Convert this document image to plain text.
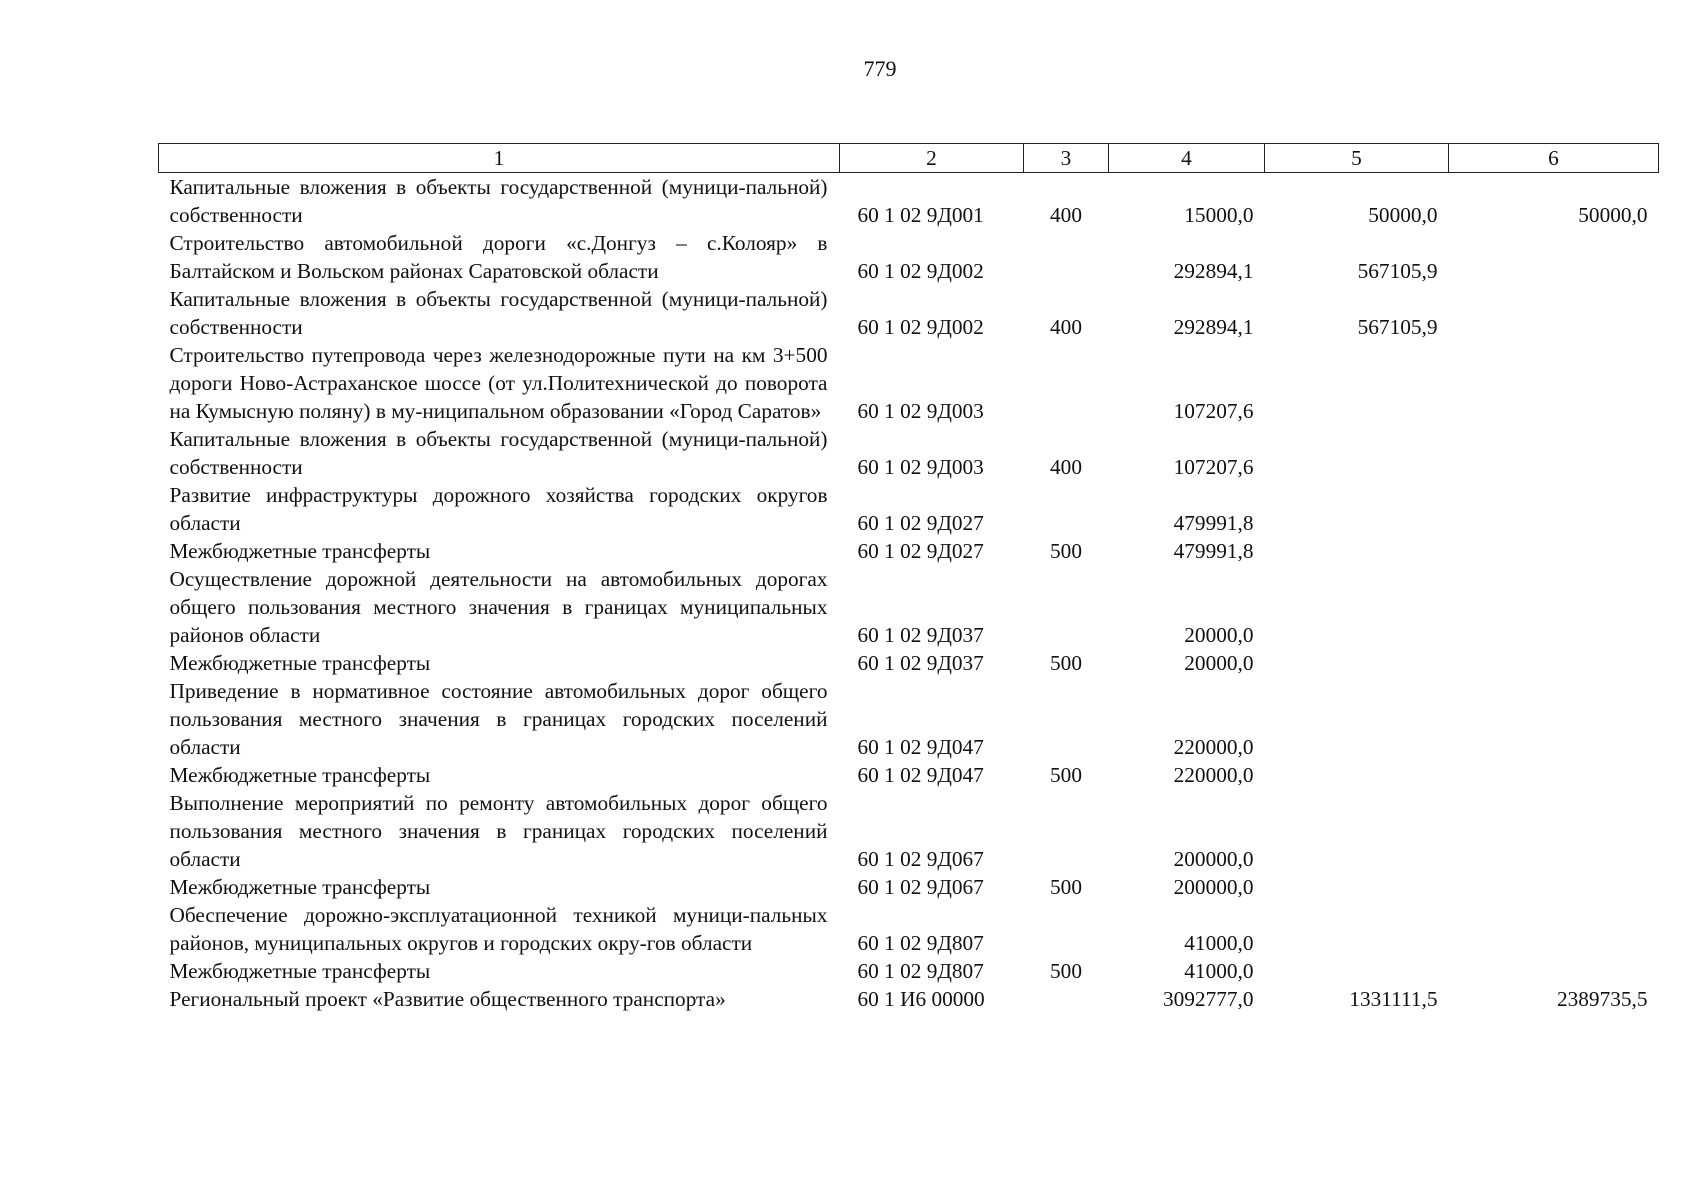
779
1	2	3	4	5	6
Капитальные вложения в объекты государственной (муници-пальной) собственности	60 1 02 9Д001	400	15000,0	50000,0	50000,0
Строительство автомобильной дороги «с.Донгуз – с.Колояр» в Балтайском и Вольском районах Саратовской области	60 1 02 9Д002		292894,1	567105,9	
Капитальные вложения в объекты государственной (муници-пальной) собственности	60 1 02 9Д002	400	292894,1	567105,9	
Строительство путепровода через железнодорожные пути на км 3+500 дороги Ново-Астраханское шоссе (от ул.Политехнической до поворота на Кумысную поляну) в му-ниципальном образовании «Город Саратов»	60 1 02 9Д003		107207,6		
Капитальные вложения в объекты государственной (муници-пальной) собственности	60 1 02 9Д003	400	107207,6		
Развитие инфраструктуры дорожного хозяйства городских округов области	60 1 02 9Д027		479991,8		
Межбюджетные трансферты	60 1 02 9Д027	500	479991,8		
Осуществление дорожной деятельности на автомобильных дорогах общего пользования местного значения в границах муниципальных районов области	60 1 02 9Д037		20000,0		
Межбюджетные трансферты	60 1 02 9Д037	500	20000,0		
Приведение в нормативное состояние автомобильных дорог общего пользования местного значения в границах городских поселений области	60 1 02 9Д047		220000,0		
Межбюджетные трансферты	60 1 02 9Д047	500	220000,0		
Выполнение мероприятий по ремонту автомобильных дорог общего пользования местного значения в границах городских поселений области	60 1 02 9Д067		200000,0		
Межбюджетные трансферты	60 1 02 9Д067	500	200000,0		
Обеспечение дорожно-эксплуатационной техникой муници-пальных районов, муниципальных округов и городских окру-гов области	60 1 02 9Д807		41000,0		
Межбюджетные трансферты	60 1 02 9Д807	500	41000,0		
Региональный проект «Развитие общественного транспорта»	60 1 И6 00000		3092777,0	1331111,5	2389735,5
